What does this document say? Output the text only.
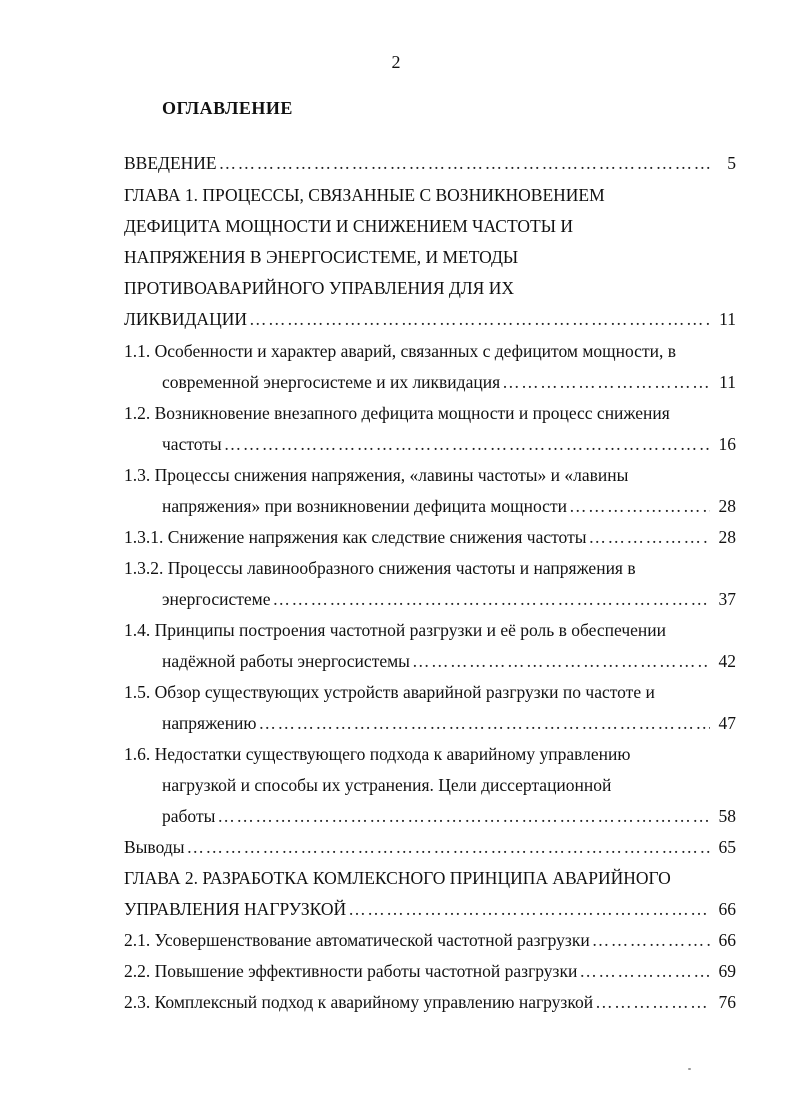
2
ОГЛАВЛЕНИЕ
ВВЕДЕНИЕ ………………………………………………………………………………………………………………………………………………………………………………………………	5
ГЛАВА 1. ПРОЦЕССЫ, СВЯЗАННЫЕ С ВОЗНИКНОВЕНИЕМ
ДЕФИЦИТА МОЩНОСТИ И СНИЖЕНИЕМ ЧАСТОТЫ И
НАПРЯЖЕНИЯ В ЭНЕРГОСИСТЕМЕ, И МЕТОДЫ
ПРОТИВОАВАРИЙНОГО УПРАВЛЕНИЯ ДЛЯ ИХ
ЛИКВИДАЦИИ ………………………………………………………………………………………………………………………………………………………………………………………………	11
1.1. Особенности и характер аварий, связанных с дефицитом мощности, в
современной энергосистеме и их ликвидация ………………………………………………………………………………………………………………………………………………………………………………………………	11
1.2. Возникновение внезапного дефицита мощности и процесс снижения
частоты ………………………………………………………………………………………………………………………………………………………………………………………………	16
1.3. Процессы снижения напряжения, «лавины частоты» и «лавины
напряжения» при возникновении дефицита мощности ………………………………………………………………………………………………………………………………………………………………………………………………	28
1.3.1. Снижение напряжения как следствие снижения частоты ………………………………………………………………………………………………………………………………………………………………………………………………	28
1.3.2. Процессы лавинообразного снижения частоты и напряжения в
энергосистеме ………………………………………………………………………………………………………………………………………………………………………………………………	37
1.4. Принципы построения частотной разгрузки и её роль в обеспечении
надёжной работы энергосистемы ………………………………………………………………………………………………………………………………………………………………………………………………	42
1.5. Обзор существующих устройств аварийной разгрузки по частоте и
напряжению ………………………………………………………………………………………………………………………………………………………………………………………………	47
1.6. Недостатки существующего подхода к аварийному управлению
нагрузкой и способы их устранения. Цели диссертационной
работы ………………………………………………………………………………………………………………………………………………………………………………………………	58
Выводы ………………………………………………………………………………………………………………………………………………………………………………………………	65
ГЛАВА 2. РАЗРАБОТКА КОМЛЕКСНОГО ПРИНЦИПА АВАРИЙНОГО
УПРАВЛЕНИЯ НАГРУЗКОЙ ………………………………………………………………………………………………………………………………………………………………………………………………	66
2.1. Усовершенствование автоматической частотной разгрузки ………………………………………………………………………………………………………………………………………………………………………………………………	66
2.2. Повышение эффективности работы частотной разгрузки ………………………………………………………………………………………………………………………………………………………………………………………………	69
2.3. Комплексный подход к аварийному управлению нагрузкой ………………………………………………………………………………………………………………………………………………………………………………………………	76
